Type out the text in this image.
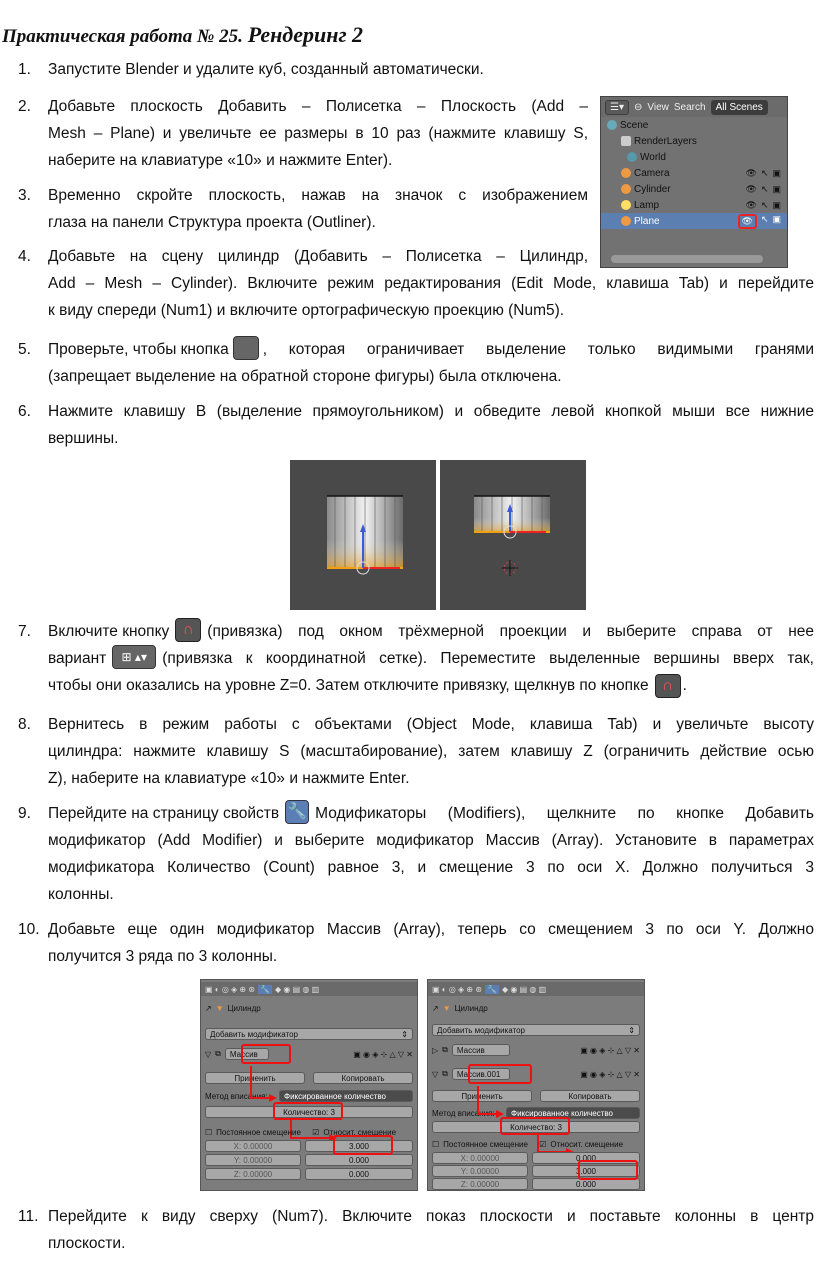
Практическая работа № 25. Рендеринг 2
1.	Запустите Blender и удалите куб, созданный автоматически.
2.	Добавьте плоскость Добавить – Полисетка – Плоскость (Add –
Mesh – Plane) и увеличьте ее размеры в 10 раз (нажмите клавишу S,
наберите на клавиатуре «10» и нажмите Enter).
3.	Временно скройте плоскость, нажав на значок с изображением
глаза на панели Структура проекта (Outliner).
4.	Добавьте на сцену цилиндр (Добавить – Полисетка – Цилиндр,
Add – Mesh – Cylinder). Включите режим редактирования (Edit Mode, клавиша Tab) и перейдите
к виду спереди (Num1) и включите ортографическую проекцию (Num5).
☰▾	⊖ View Search	All Scenes
Scene
RenderLayers
World
Camera	👁 ↖ ▣
Cylinder	👁 ↖ ▣
Lamp	👁 ↖ ▣
Plane	👁 ↖ ▣
5.	Проверьте, чтобы кнопка , которая ограничивает выделение только видимыми гранями
(запрещает выделение на обратной стороне фигуры) была отключена.
6.	Нажмите клавишу B (выделение прямоугольником) и обведите левой кнопкой мыши все нижние
вершины.
7.	Включите кнопку ∩ (привязка) под окном трёхмерной проекции и выберите справа от нее
вариант	⊞ ▴▾ (привязка к координатной сетке). Переместите выделенные вершины вверх так,
чтобы они оказались на уровне Z=0. Затем отключите привязку, щелкнув по кнопке ∩ .
8.	Вернитесь в режим работы с объектами (Object Mode, клавиша Tab) и увеличьте высоту
цилиндра: нажмите клавишу S (масштабирование), затем клавишу Z (ограничить действие осью
Z), наберите на клавиатуре «10» и нажмите Enter.
9.	Перейдите на страницу свойств 🔧 Модификаторы (Modifiers), щелкните по кнопке Добавить
модификатор (Add Modifier) и выберите модификатор Массив (Array). Установите в параметрах
модификатора Количество (Count) равное 3, и смещение 3 по оси X. Должно получиться 3
колонны.
10. Добавьте еще один модификатор Массив (Array), теперь со смещением 3 по оси Y. Должно
получится 3 ряда по 3 колонны.
▣ ◐ ◎ ◈ ⊕ ⊛ 🔧 ◆ ◉ ▤ ◍ ▥
↗ ▼ Цилиндр
Добавить модификатор	⇕
▽ ⧉	Массив	▣ ◉ ◈ ⊹ △ ▽ ✕
Применить	Копировать
Метод вписания:	Фиксированное количество
Количество: 3
☐ Постоянное смещение	☑ Относит. смещение
X: 0.00000	3.000
Y: 0.00000	0.000
Z: 0.00000	0.000
▣ ◐ ◎ ◈ ⊕ ⊛ 🔧 ◆ ◉ ▤ ◍ ▥
↗ ▼ Цилиндр
Добавить модификатор	⇕
▷ ⧉	Массив	▣ ◉ ◈ ⊹ △ ▽ ✕
▽ ⧉	Массив.001	▣ ◉ ◈ ⊹ △ ▽ ✕
Применить	Копировать
Метод вписания:	Фиксированное количество
Количество: 3
☐ Постоянное смещение	☑ Относит. смещение
X: 0.00000	0.000
Y: 0.00000	3.000
Z: 0.00000	0.000
11. Перейдите к виду сверху (Num7). Включите показ плоскости и поставьте колонны в центр
плоскости.
